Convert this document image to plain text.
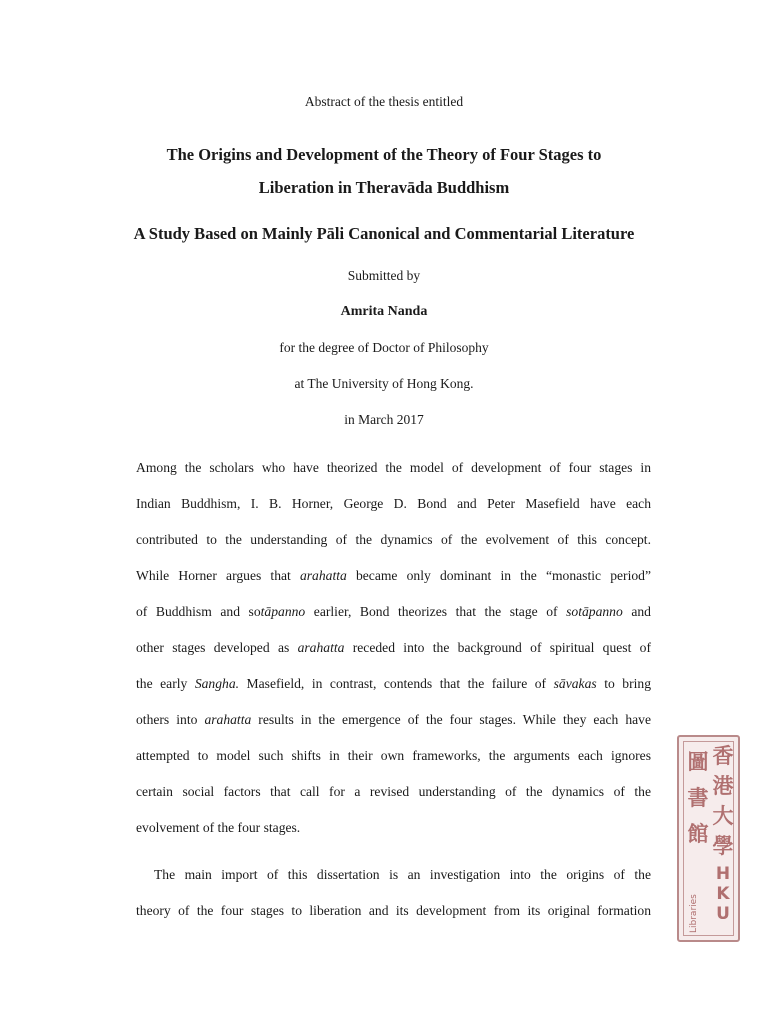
Abstract of the thesis entitled
The Origins and Development of the Theory of Four Stages to
Liberation in Theravāda Buddhism
A Study Based on Mainly Pāli Canonical and Commentarial Literature
Submitted by
Amrita Nanda
for the degree of Doctor of Philosophy
at The University of Hong Kong.
in March 2017
Among the scholars who have theorized the model of development of four stages in
Indian Buddhism, I. B. Horner, George D. Bond and Peter Masefield have each
contributed to the understanding of the dynamics of the evolvement of this concept.
While Horner argues that arahatta became only dominant in the “monastic period”
of Buddhism and sotāpanno earlier, Bond theorizes that the stage of sotāpanno and
other stages developed as arahatta receded into the background of spiritual quest of
the early Sangha. Masefield, in contrast, contends that the failure of sāvakas to bring
others into arahatta results in the emergence of the four stages. While they each have
attempted to model such shifts in their own frameworks, the arguments each ignores
certain social factors that call for a revised understanding of the dynamics of the
evolvement of the four stages.
The main import of this dissertation is an investigation into the origins of the
theory of the four stages to liberation and its development from its original formation
圖
書
館
香
港
大
學
H
K
U
Libraries
